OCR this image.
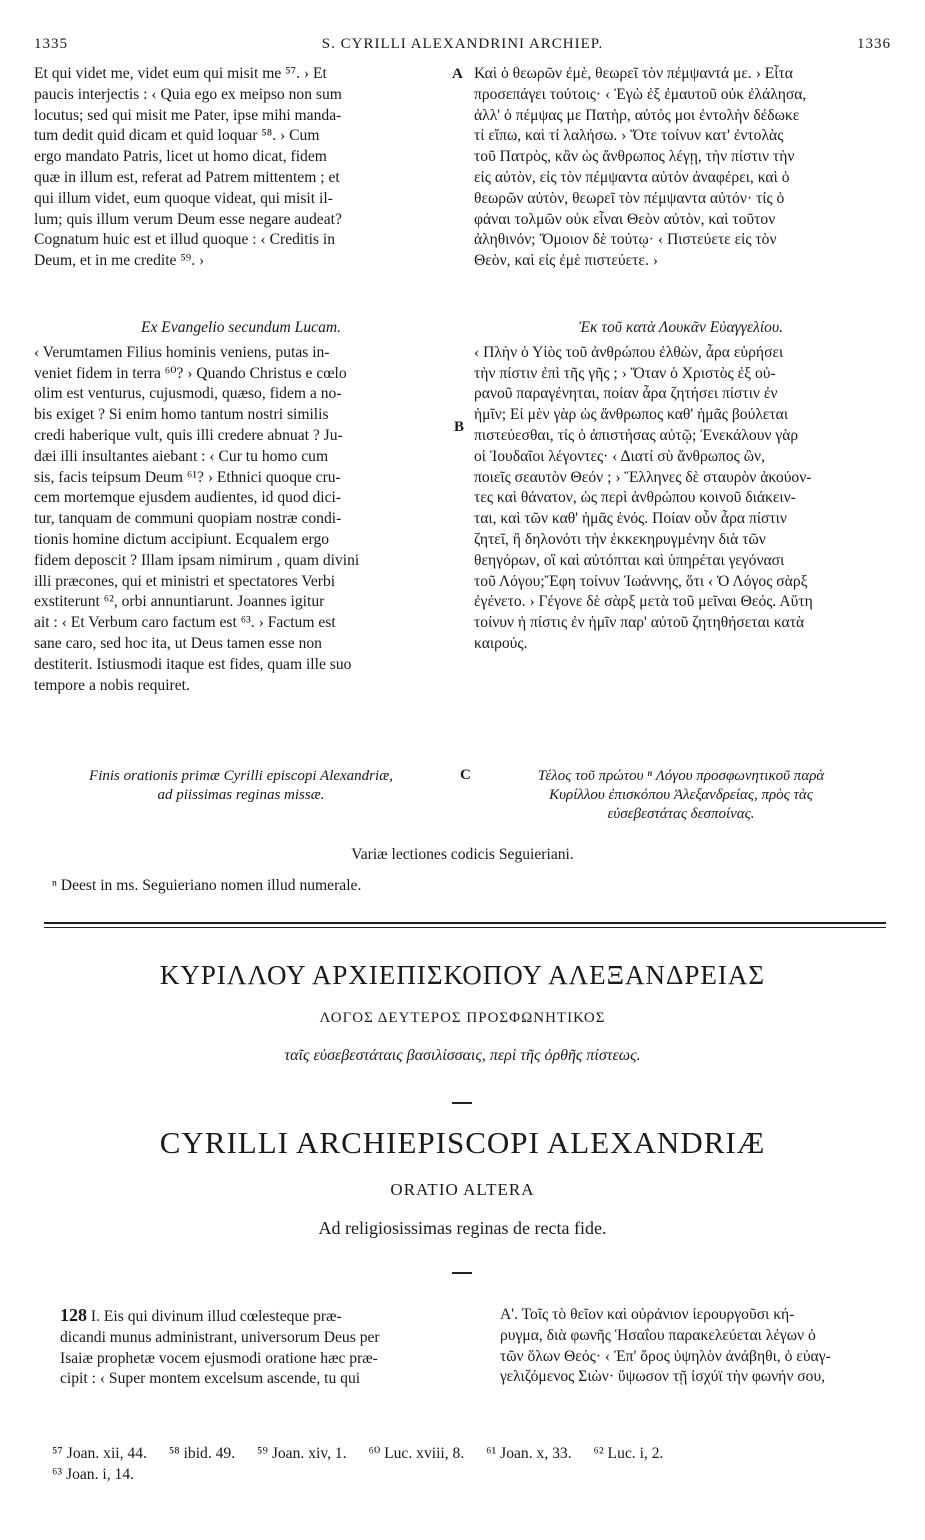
1335	S. CYRILLI ALEXANDRINI ARCHIEP.	1336

Et qui videt me, videt eum qui misit me ⁵⁷. › Et

paucis interjectis : ‹ Quia ego ex meipso non sum

locutus; sed qui misit me Pater, ipse mihi manda-

tum dedit quid dicam et quid loquar ⁵⁸. › Cum

ergo mandato Patris, licet ut homo dicat, fidem

quæ in illum est, referat ad Patrem mittentem ; et

qui illum videt, eum quoque videat, qui misit il-

lum; quis illum verum Deum esse negare audeat?

Cognatum huic est et illud quoque : ‹ Creditis in

Deum, et in me credite ⁵⁹. ›

A Καὶ ὁ θεωρῶν ἐμὲ, θεωρεῖ τὸν πέμψαντά με. › Εἶτα

προσεπάγει τούτοις· ‹ Ἐγὼ ἐξ ἐμαυτοῦ οὐκ ἐλάλησα,

ἀλλ' ὁ πέμψας με Πατὴρ, αὐτός μοι ἐντολὴν δέδωκε

τί εἴπω, καὶ τί λαλήσω. › Ὅτε τοίνυν κατ' ἐντολὰς

τοῦ Πατρὸς, κἂν ὡς ἄνθρωπος λέγῃ, τὴν πίστιν τὴν

εἰς αὐτὸν, εἰς τὸν πέμψαντα αὐτὸν ἀναφέρει, καὶ ὁ

θεωρῶν αὐτὸν, θεωρεῖ τὸν πέμψαντα αὐτόν· τίς ὁ

φάναι τολμῶν οὐκ εἶναι Θεὸν αὐτὸν, καὶ τοῦτον

ἀληθινόν; Ὅμοιον δὲ τούτῳ· ‹ Πιστεύετε εἰς τὸν

Θεὸν, καὶ εἰς ἐμὲ πιστεύετε. ›

Ex Evangelio secundum Lucam.

‹ Verumtamen Filius hominis veniens, putas in-

veniet fidem in terra ⁶⁰? › Quando Christus e cœlo

olim est venturus, cujusmodi, quæso, fidem a no-

bis exiget ? Si enim homo tantum nostri similis

credi haberique vult, quis illi credere abnuat ? Ju-

dæi illi insultantes aiebant : ‹ Cur tu homo cum

sis, facis teipsum Deum ⁶¹? › Ethnici quoque cru-

cem mortemque ejusdem audientes, id quod dici-

tur, tanquam de communi quopiam nostræ condi-

tionis homine dictum accipiunt. Ecqualem ergo

fidem deposcit ? Illam ipsam nimirum , quam divini

illi præcones, qui et ministri et spectatores Verbi

exstiterunt ⁶², orbi annuntiarunt. Joannes igitur

ait : ‹ Et Verbum caro factum est ⁶³. › Factum est

sane caro, sed hoc ita, ut Deus tamen esse non

destiterit. Istiusmodi itaque est fides, quam ille suo

tempore a nobis requiret.

B

Ἐκ τοῦ κατὰ Λουκᾶν Εὐαγγελίου.

‹ Πλὴν ὁ Υἱὸς τοῦ ἀνθρώπου ἐλθὼν, ἆρα εὑρήσει

τὴν πίστιν ἐπὶ τῆς γῆς ; › Ὅταν ὁ Χριστὸς ἐξ οὐ-

ρανοῦ παραγένηται, ποίαν ἆρα ζητήσει πίστιν ἐν

ἡμῖν; Εἰ μὲν γὰρ ὡς ἄνθρωπος καθ' ἡμᾶς βούλεται

πιστεύεσθαι, τίς ὁ ἀπιστήσας αὐτῷ; Ἐνεκάλουν γὰρ

οἱ Ἰουδαῖοι λέγοντες· ‹ Διατί σὺ ἄνθρωπος ὢν,

ποιεῖς σεαυτὸν Θεόν ; › Ἕλληνες δὲ σταυρὸν ἀκούον-

τες καὶ θάνατον, ὡς περὶ ἀνθρώπου κοινοῦ διάκειν-

ται, καὶ τῶν καθ' ἡμᾶς ἑνός. Ποίαν οὖν ἆρα πίστιν

ζητεῖ, ἢ δηλονότι τὴν ἐκκεκηρυγμένην διὰ τῶν

θεηγόρων, οἳ καὶ αὐτόπται καὶ ὑπηρέται γεγόνασι

τοῦ Λόγου;Ἔφη τοίνυν Ἰωάννης, ὅτι ‹ Ὁ Λόγος σὰρξ

ἐγένετο. › Γέγονε δὲ σὰρξ μετὰ τοῦ μεῖναι Θεός. Αὕτη

τοίνυν ἡ πίστις ἐν ἡμῖν παρ' αὐτοῦ ζητηθήσεται κατὰ

καιρούς.

Finis orationis primæ Cyrilli episcopi Alexandriæ,

ad piissimas reginas missæ.

C	Τέλος τοῦ πρώτου ⁿ Λόγου προσφωνητικοῦ παρὰ

Κυρίλλου ἐπισκόπου Ἀλεξανδρείας, πρὸς τὰς

εὐσεβεστάτας δεσποίνας.

Variæ lectiones codicis Seguieriani.
ⁿ Deest in ms. Seguieriano nomen illud numerale.
ΚΥΡΙΛΛΟΥ ΑΡΧΙΕΠΙΣΚΟΠΟΥ ΑΛΕΞΑΝΔΡΕΙΑΣ
ΛΟΓΟΣ ΔΕΥΤΕΡΟΣ ΠΡΟΣΦΩΝΗΤΙΚΟΣ
ταῖς εὐσεβεστάταις βασιλίσσαις, περὶ τῆς ὀρθῆς πίστεως.
CYRILLI ARCHIEPISCOPI ALEXANDRIÆ
ORATIO ALTERA
Ad religiosissimas reginas de recta fide.

128 I. Eis qui divinum illud cœlesteque præ-

dicandi munus administrant, universorum Deus per

Isaiæ prophetæ vocem ejusmodi oratione hæc præ-

cipit : ‹ Super montem excelsum ascende, tu qui

Α'. Τοῖς τὸ θεῖον καὶ οὐράνιον ἱερουργοῦσι κή-

ρυγμα, διὰ φωνῆς Ἡσαΐου παρακελεύεται λέγων ὁ

τῶν ὅλων Θεός· ‹ Ἐπ' ὄρος ὑψηλὸν ἀνάβηθι, ὁ εὐαγ-

γελιζόμενος Σιὼν· ὕψωσον τῇ ἰσχύϊ τὴν φωνήν σου,

⁵⁷ Joan. xii, 44. ⁵⁸ ibid. 49. ⁵⁹ Joan. xiv, 1. ⁶⁰ Luc. xviii, 8. ⁶¹ Joan. x, 33. ⁶² Luc. i, 2.
⁶³ Joan. i, 14.
